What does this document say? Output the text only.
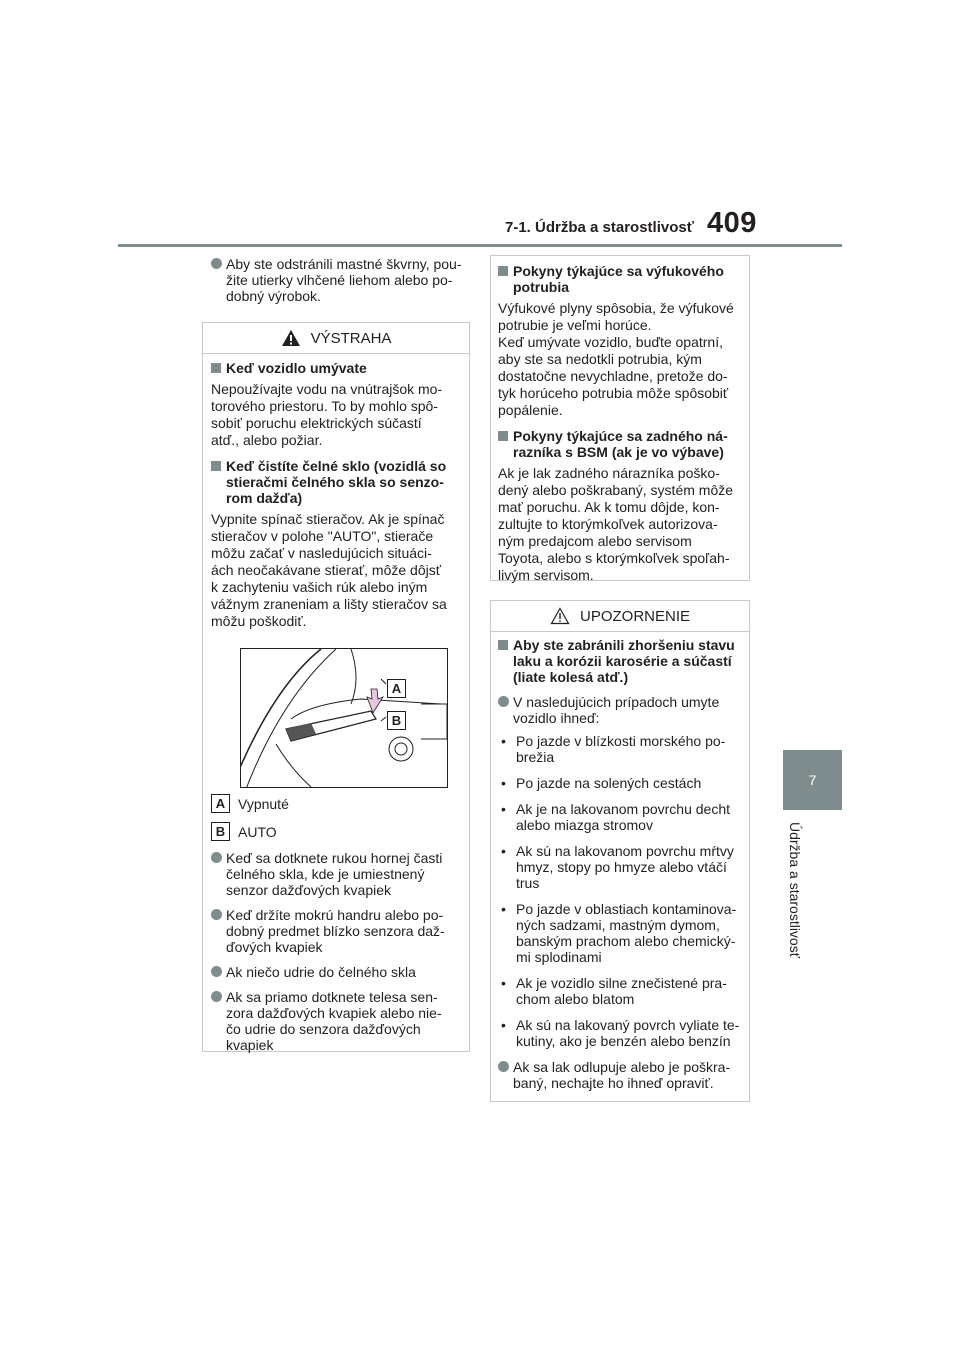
7-1. Údržba a starostlivosť 409
7
Údržba a starostlivosť
Aby ste odstránili mastné škvrny, pou-
žite utierky vlhčené liehom alebo po-
dobný výrobok.
VÝSTRAHA
Keď vozidlo umývate

Nepoužívajte vodu na vnútrajšok mo-
torového priestoru. To by mohlo spô-
sobiť poruchu elektrických súčastí
atď., alebo požiar.

Keď čistíte čelné sklo (vozidlá so
stieračmi čelného skla so senzo-
rom dažďa)

Vypnite spínač stieračov. Ak je spínač
stieračov v polohe "AUTO", stierače
môžu začať v nasledujúcich situáci-
ách neočakávane stierať, môže dôjsť
k zachyteniu vašich rúk alebo iným
vážnym zraneniam a lišty stieračov sa
môžu poškodiť.

A
B
A Vypnuté
B AUTO
Keď sa dotknete rukou hornej časti
čelného skla, kde je umiestnený
senzor dažďových kvapiek
Keď držíte mokrú handru alebo po-
dobný predmet blízko senzora daž-
ďových kvapiek
Ak niečo udrie do čelného skla
Ak sa priamo dotknete telesa sen-
zora dažďových kvapiek alebo nie-
čo udrie do senzora dažďových
kvapiek
Pokyny týkajúce sa výfukového
potrubia

Výfukové plyny spôsobia, že výfukové
potrubie je veľmi horúce.
Keď umývate vozidlo, buďte opatrní,
aby ste sa nedotkli potrubia, kým
dostatočne nevychladne, pretože do-
tyk horúceho potrubia môže spôsobiť
popálenie.

Pokyny týkajúce sa zadného ná-
razníka s BSM (ak je vo výbave)

Ak je lak zadného nárazníka poško-
dený alebo poškrabaný, systém môže
mať poruchu. Ak k tomu dôjde, kon-
zultujte to ktorýmkoľvek autorizova-
ným predajcom alebo servisom
Toyota, alebo s ktorýmkoľvek spoľah-
livým servisom.

UPOZORNENIE
Aby ste zabránili zhoršeniu stavu
laku a korózii karosérie a súčastí
(liate kolesá atď.)
V nasledujúcich prípadoch umyte
vozidlo ihneď:
• Po jazde v blízkosti morského po-
brežia
• Po jazde na solených cestách
• Ak je na lakovanom povrchu decht
alebo miazga stromov
• Ak sú na lakovanom povrchu mŕtvy
hmyz, stopy po hmyze alebo vtáčí
trus
• Po jazde v oblastiach kontaminova-
ných sadzami, mastným dymom,
banským prachom alebo chemický-
mi splodinami
• Ak je vozidlo silne znečistené pra-
chom alebo blatom
• Ak sú na lakovaný povrch vyliate te-
kutiny, ako je benzén alebo benzín
Ak sa lak odlupuje alebo je poškra-
baný, nechajte ho ihneď opraviť.
